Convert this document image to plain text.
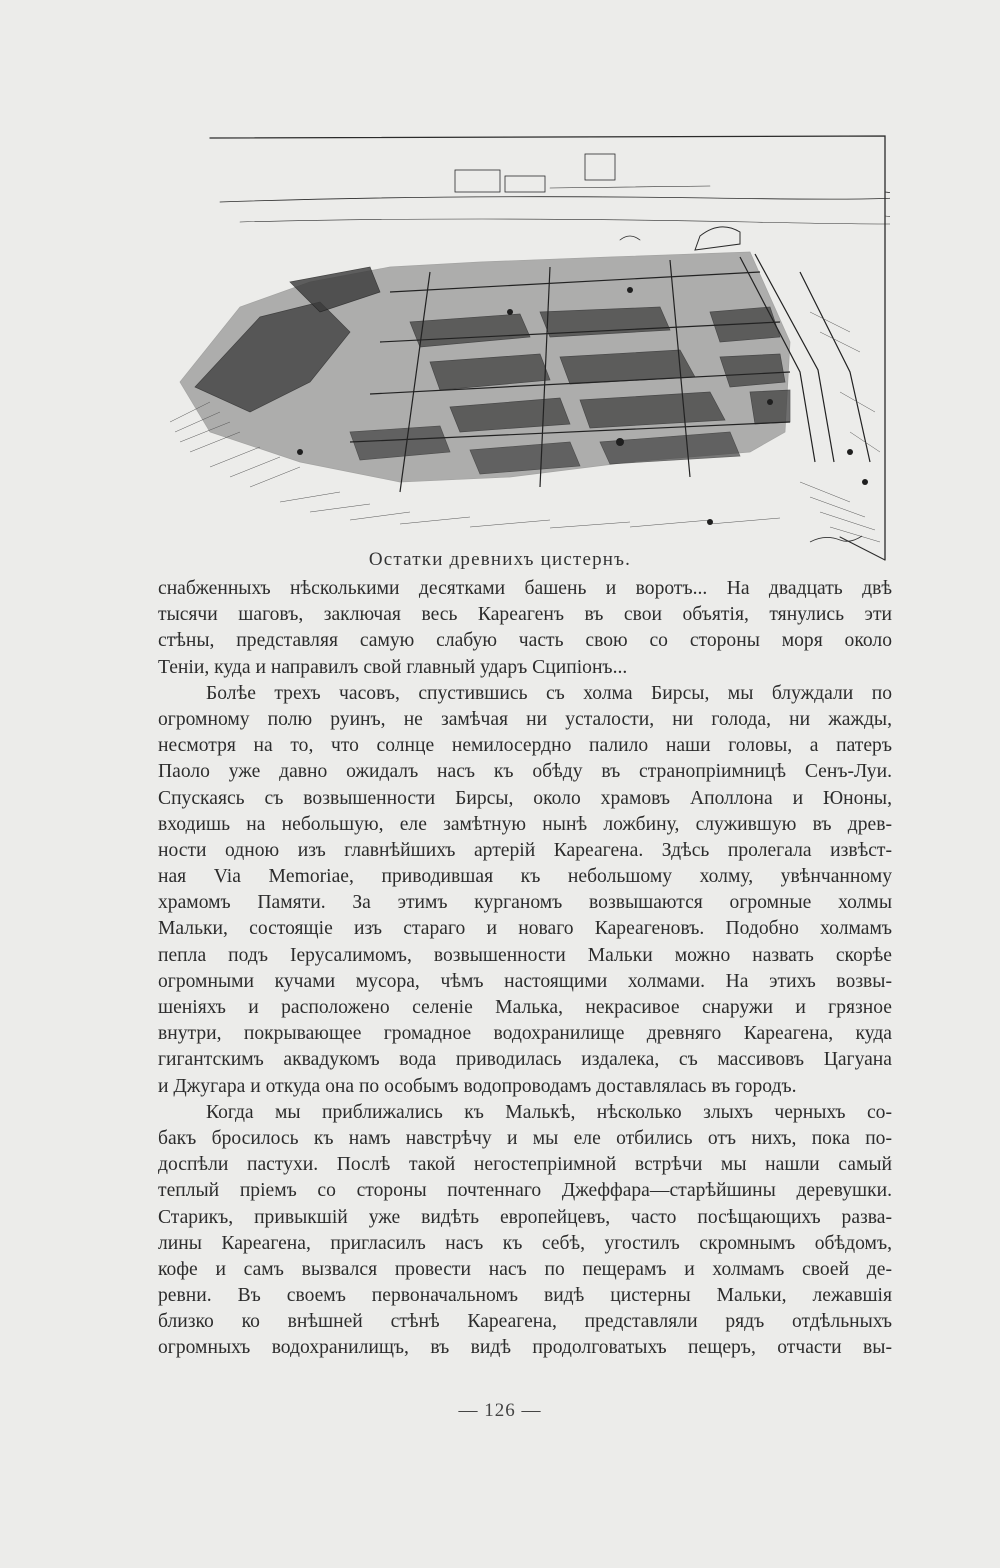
Остатки древнихъ цистернъ.
снабженныхъ нѣсколькими десятками башень и воротъ... На двадцать двѣ
тысячи шаговъ, заключая весь Кареагенъ въ свои объятія, тянулись эти
стѣны, представляя самую слабую часть свою со стороны моря около
Теніи, куда и направилъ свой главный ударъ Сципіонъ...
Болѣе трехъ часовъ, спустившись съ холма Бирсы, мы блуждали по
огромному полю руинъ, не замѣчая ни усталости, ни голода, ни жажды,
несмотря на то, что солнце немилосердно палило наши головы, а патеръ
Паоло уже давно ожидалъ насъ къ обѣду въ странопріимницѣ Сенъ-Луи.
Спускаясь съ возвышенности Бирсы, около храмовъ Аполлона и Юноны,
входишь на небольшую, еле замѣтную нынѣ ложбину, служившую въ древ-
ности одною изъ главнѣйшихъ артерій Кареагена. Здѣсь пролегала извѣст-
ная Via Memoriae, приводившая къ небольшому холму, увѣнчанному
храмомъ Памяти. За этимъ курганомъ возвышаются огромные холмы
Мальки, состоящіе изъ стараго и новаго Кареагеновъ. Подобно холмамъ
пепла подъ Іерусалимомъ, возвышенности Мальки можно назвать скорѣе
огромными кучами мусора, чѣмъ настоящими холмами. На этихъ возвы-
шеніяхъ и расположено селеніе Малька, некрасивое снаружи и грязное
внутри, покрывающее громадное водохранилище древняго Кареагена, куда
гигантскимъ аквадукомъ вода приводилась издалека, съ массивовъ Цагуана
и Джугара и откуда она по особымъ водопроводамъ доставлялась въ городъ.
Когда мы приближались къ Малькѣ, нѣсколько злыхъ черныхъ со-
бакъ бросилось къ намъ навстрѣчу и мы еле отбились отъ нихъ, пока по-
доспѣли пастухи. Послѣ такой негостепріимной встрѣчи мы нашли самый
теплый пріемъ со стороны почтеннаго Джеффара—старѣйшины деревушки.
Старикъ, привыкшій уже видѣть европейцевъ, часто посѣщающихъ разва-
лины Кареагена, пригласилъ насъ къ себѣ, угостилъ скромнымъ обѣдомъ,
кофе и самъ вызвался провести насъ по пещерамъ и холмамъ своей де-
ревни. Въ своемъ первоначальномъ видѣ цистерны Мальки, лежавшія
близко ко внѣшней стѣнѣ Кареагена, представляли рядъ отдѣльныхъ
огромныхъ водохранилищъ, въ видѣ продолговатыхъ пещеръ, отчасти вы-
— 126 —
